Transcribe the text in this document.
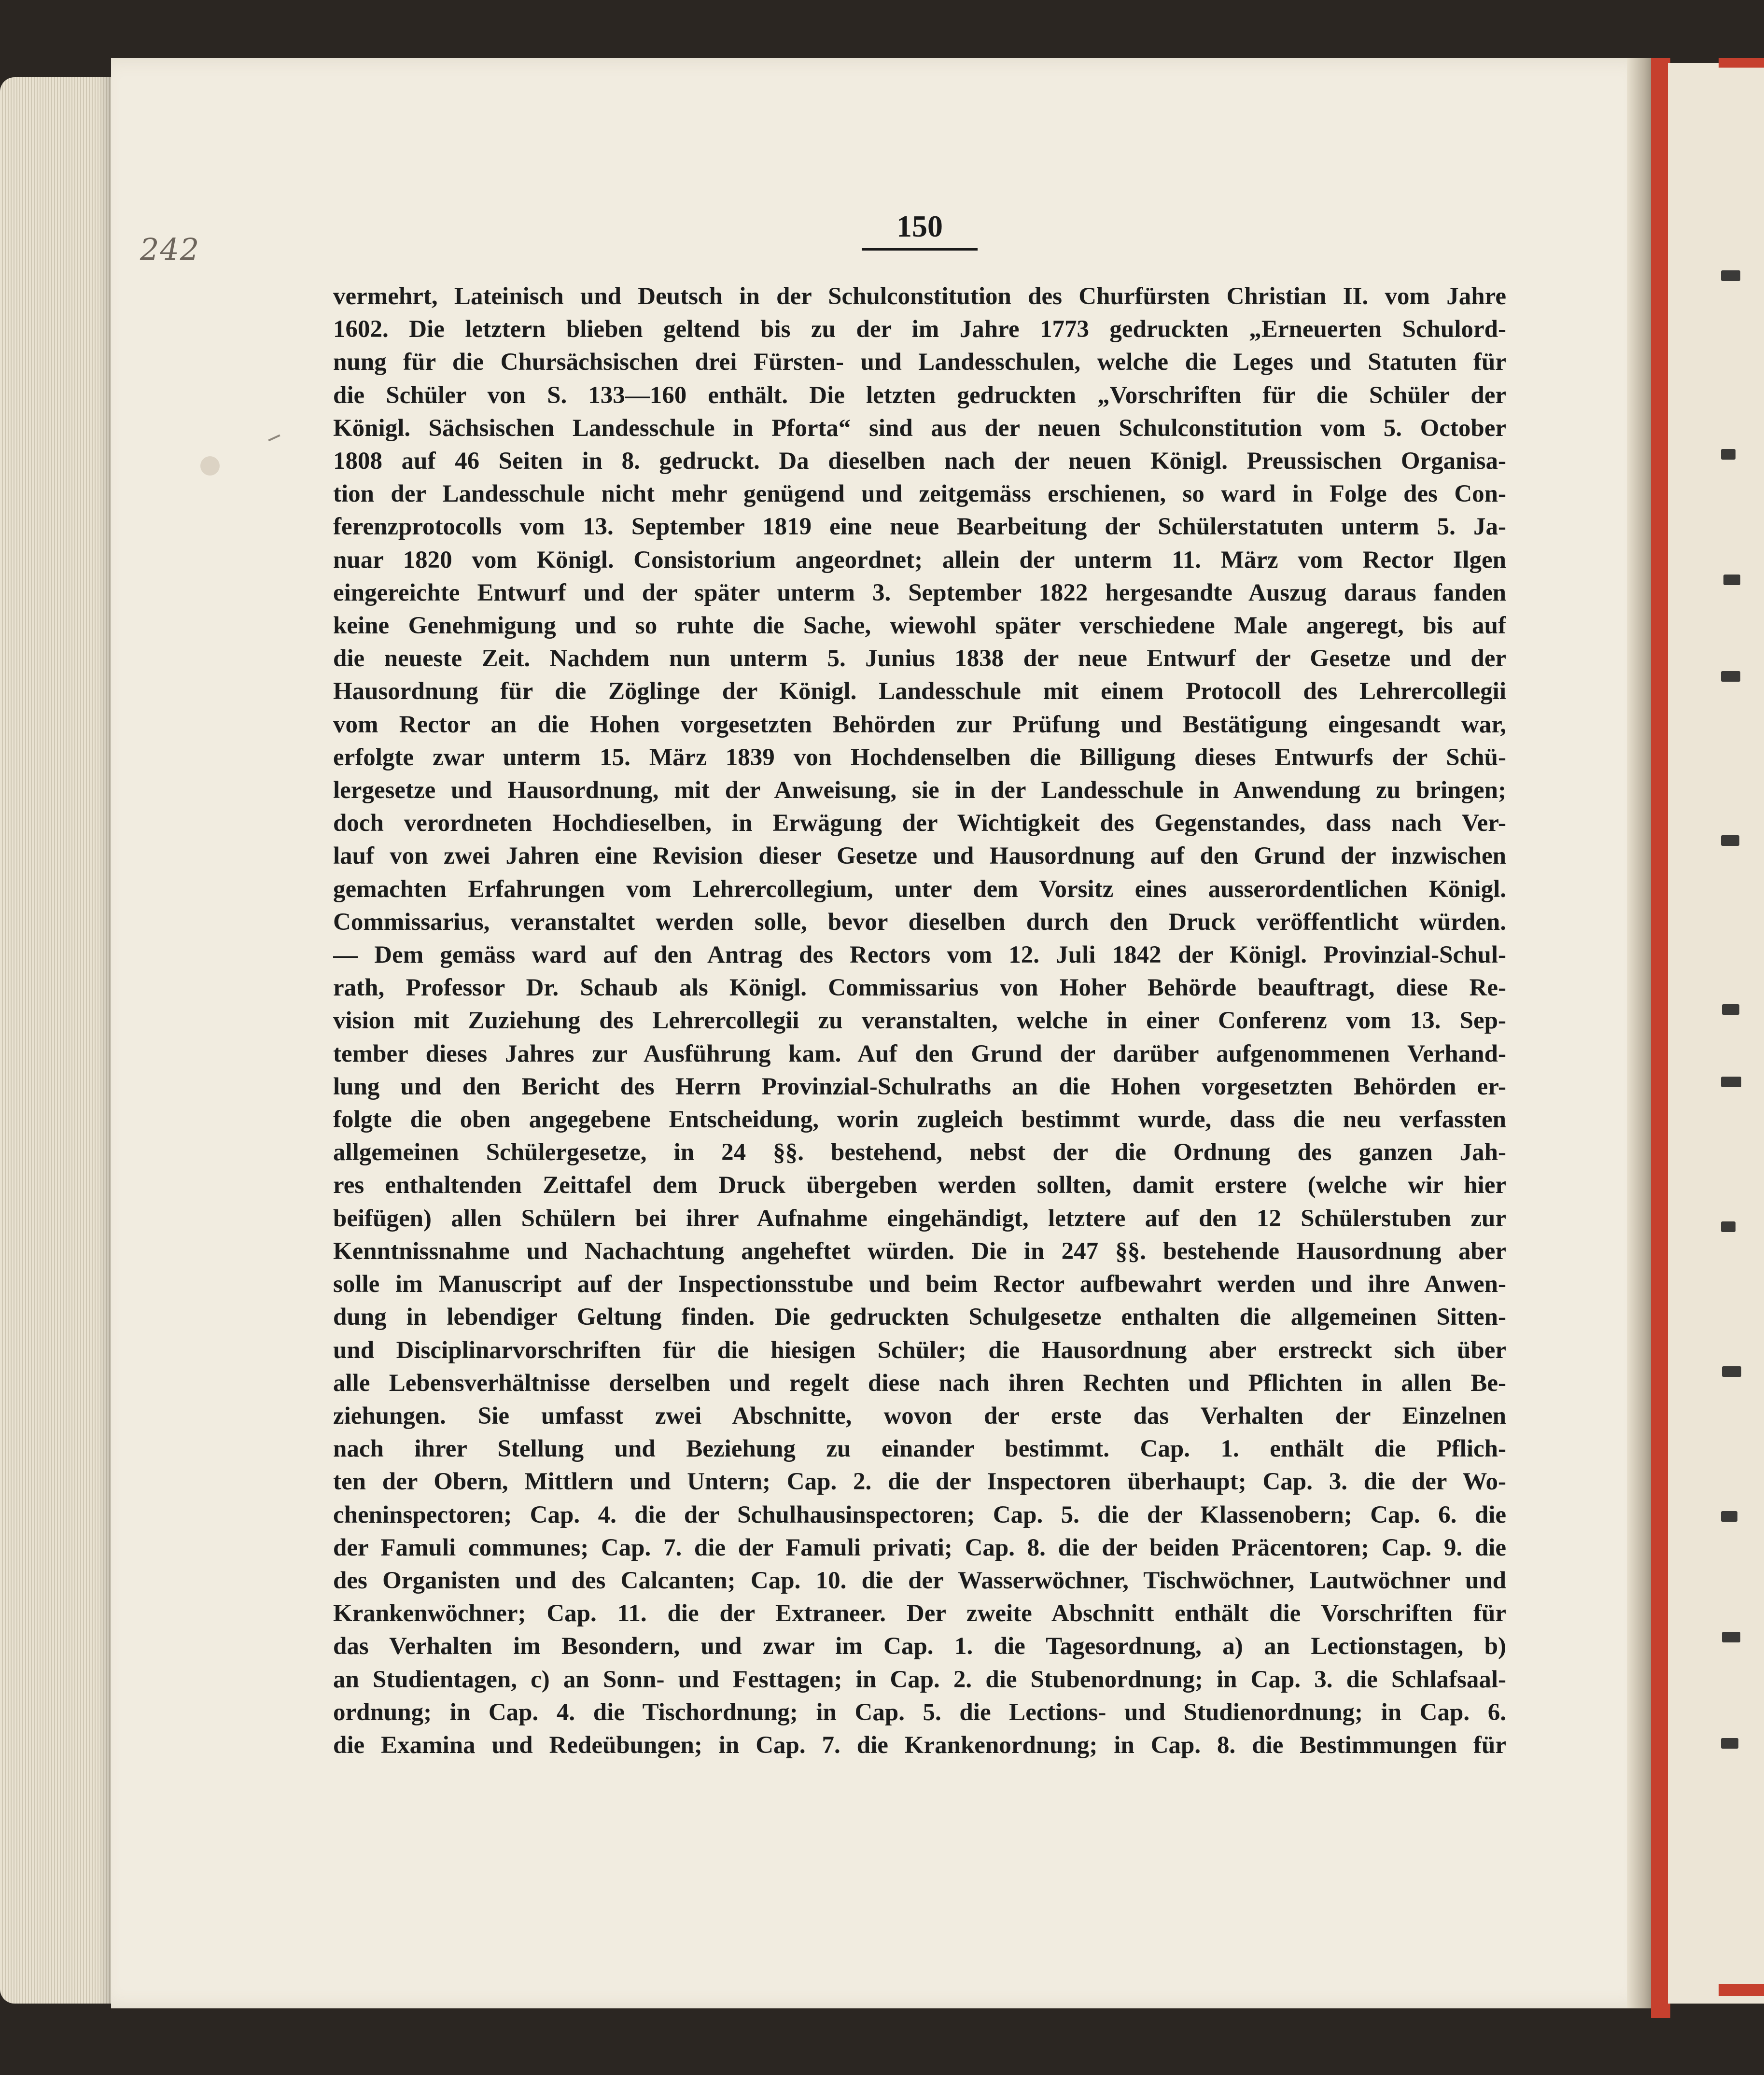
242
150
vermehrt, Lateinisch und Deutsch in der Schulconstitution des Churfürsten Christian II. vom Jahre
1602. Die letztern blieben geltend bis zu der im Jahre 1773 gedruckten „Erneuerten Schulord-
nung für die Chursächsischen drei Fürsten- und Landesschulen, welche die Leges und Statuten für
die Schüler von S. 133—160 enthält. Die letzten gedruckten „Vorschriften für die Schüler der
Königl. Sächsischen Landesschule in Pforta“ sind aus der neuen Schulconstitution vom 5. October
1808 auf 46 Seiten in 8. gedruckt. Da dieselben nach der neuen Königl. Preussischen Organisa-
tion der Landesschule nicht mehr genügend und zeitgemäss erschienen, so ward in Folge des Con-
ferenzprotocolls vom 13. September 1819 eine neue Bearbeitung der Schülerstatuten unterm 5. Ja-
nuar 1820 vom Königl. Consistorium angeordnet; allein der unterm 11. März vom Rector Ilgen
eingereichte Entwurf und der später unterm 3. September 1822 hergesandte Auszug daraus fanden
keine Genehmigung und so ruhte die Sache, wiewohl später verschiedene Male angeregt, bis auf
die neueste Zeit. Nachdem nun unterm 5. Junius 1838 der neue Entwurf der Gesetze und der
Hausordnung für die Zöglinge der Königl. Landesschule mit einem Protocoll des Lehrercollegii
vom Rector an die Hohen vorgesetzten Behörden zur Prüfung und Bestätigung eingesandt war,
erfolgte zwar unterm 15. März 1839 von Hochdenselben die Billigung dieses Entwurfs der Schü-
lergesetze und Hausordnung, mit der Anweisung, sie in der Landesschule in Anwendung zu bringen;
doch verordneten Hochdieselben, in Erwägung der Wichtigkeit des Gegenstandes, dass nach Ver-
lauf von zwei Jahren eine Revision dieser Gesetze und Hausordnung auf den Grund der inzwischen
gemachten Erfahrungen vom Lehrercollegium, unter dem Vorsitz eines ausserordentlichen Königl.
Commissarius, veranstaltet werden solle, bevor dieselben durch den Druck veröffentlicht würden.
— Dem gemäss ward auf den Antrag des Rectors vom 12. Juli 1842 der Königl. Provinzial-Schul-
rath, Professor Dr. Schaub als Königl. Commissarius von Hoher Behörde beauftragt, diese Re-
vision mit Zuziehung des Lehrercollegii zu veranstalten, welche in einer Conferenz vom 13. Sep-
tember dieses Jahres zur Ausführung kam. Auf den Grund der darüber aufgenommenen Verhand-
lung und den Bericht des Herrn Provinzial-Schulraths an die Hohen vorgesetzten Behörden er-
folgte die oben angegebene Entscheidung, worin zugleich bestimmt wurde, dass die neu verfassten
allgemeinen Schülergesetze, in 24 §§. bestehend, nebst der die Ordnung des ganzen Jah-
res enthaltenden Zeittafel dem Druck übergeben werden sollten, damit erstere (welche wir hier
beifügen) allen Schülern bei ihrer Aufnahme eingehändigt, letztere auf den 12 Schülerstuben zur
Kenntnissnahme und Nachachtung angeheftet würden. Die in 247 §§. bestehende Hausordnung aber
solle im Manuscript auf der Inspectionsstube und beim Rector aufbewahrt werden und ihre Anwen-
dung in lebendiger Geltung finden. Die gedruckten Schulgesetze enthalten die allgemeinen Sitten-
und Disciplinarvorschriften für die hiesigen Schüler; die Hausordnung aber erstreckt sich über
alle Lebensverhältnisse derselben und regelt diese nach ihren Rechten und Pflichten in allen Be-
ziehungen. Sie umfasst zwei Abschnitte, wovon der erste das Verhalten der Einzelnen
nach ihrer Stellung und Beziehung zu einander bestimmt. Cap. 1. enthält die Pflich-
ten der Obern, Mittlern und Untern; Cap. 2. die der Inspectoren überhaupt; Cap. 3. die der Wo-
cheninspectoren; Cap. 4. die der Schulhausinspectoren; Cap. 5. die der Klassenobern; Cap. 6. die
der Famuli communes; Cap. 7. die der Famuli privati; Cap. 8. die der beiden Präcentoren; Cap. 9. die
des Organisten und des Calcanten; Cap. 10. die der Wasserwöchner, Tischwöchner, Lautwöchner und
Krankenwöchner; Cap. 11. die der Extraneer. Der zweite Abschnitt enthält die Vorschriften für
das Verhalten im Besondern, und zwar im Cap. 1. die Tagesordnung, a) an Lectionstagen, b)
an Studientagen, c) an Sonn- und Festtagen; in Cap. 2. die Stubenordnung; in Cap. 3. die Schlafsaal-
ordnung; in Cap. 4. die Tischordnung; in Cap. 5. die Lections- und Studienordnung; in Cap. 6.
die Examina und Redeübungen; in Cap. 7. die Krankenordnung; in Cap. 8. die Bestimmungen für
